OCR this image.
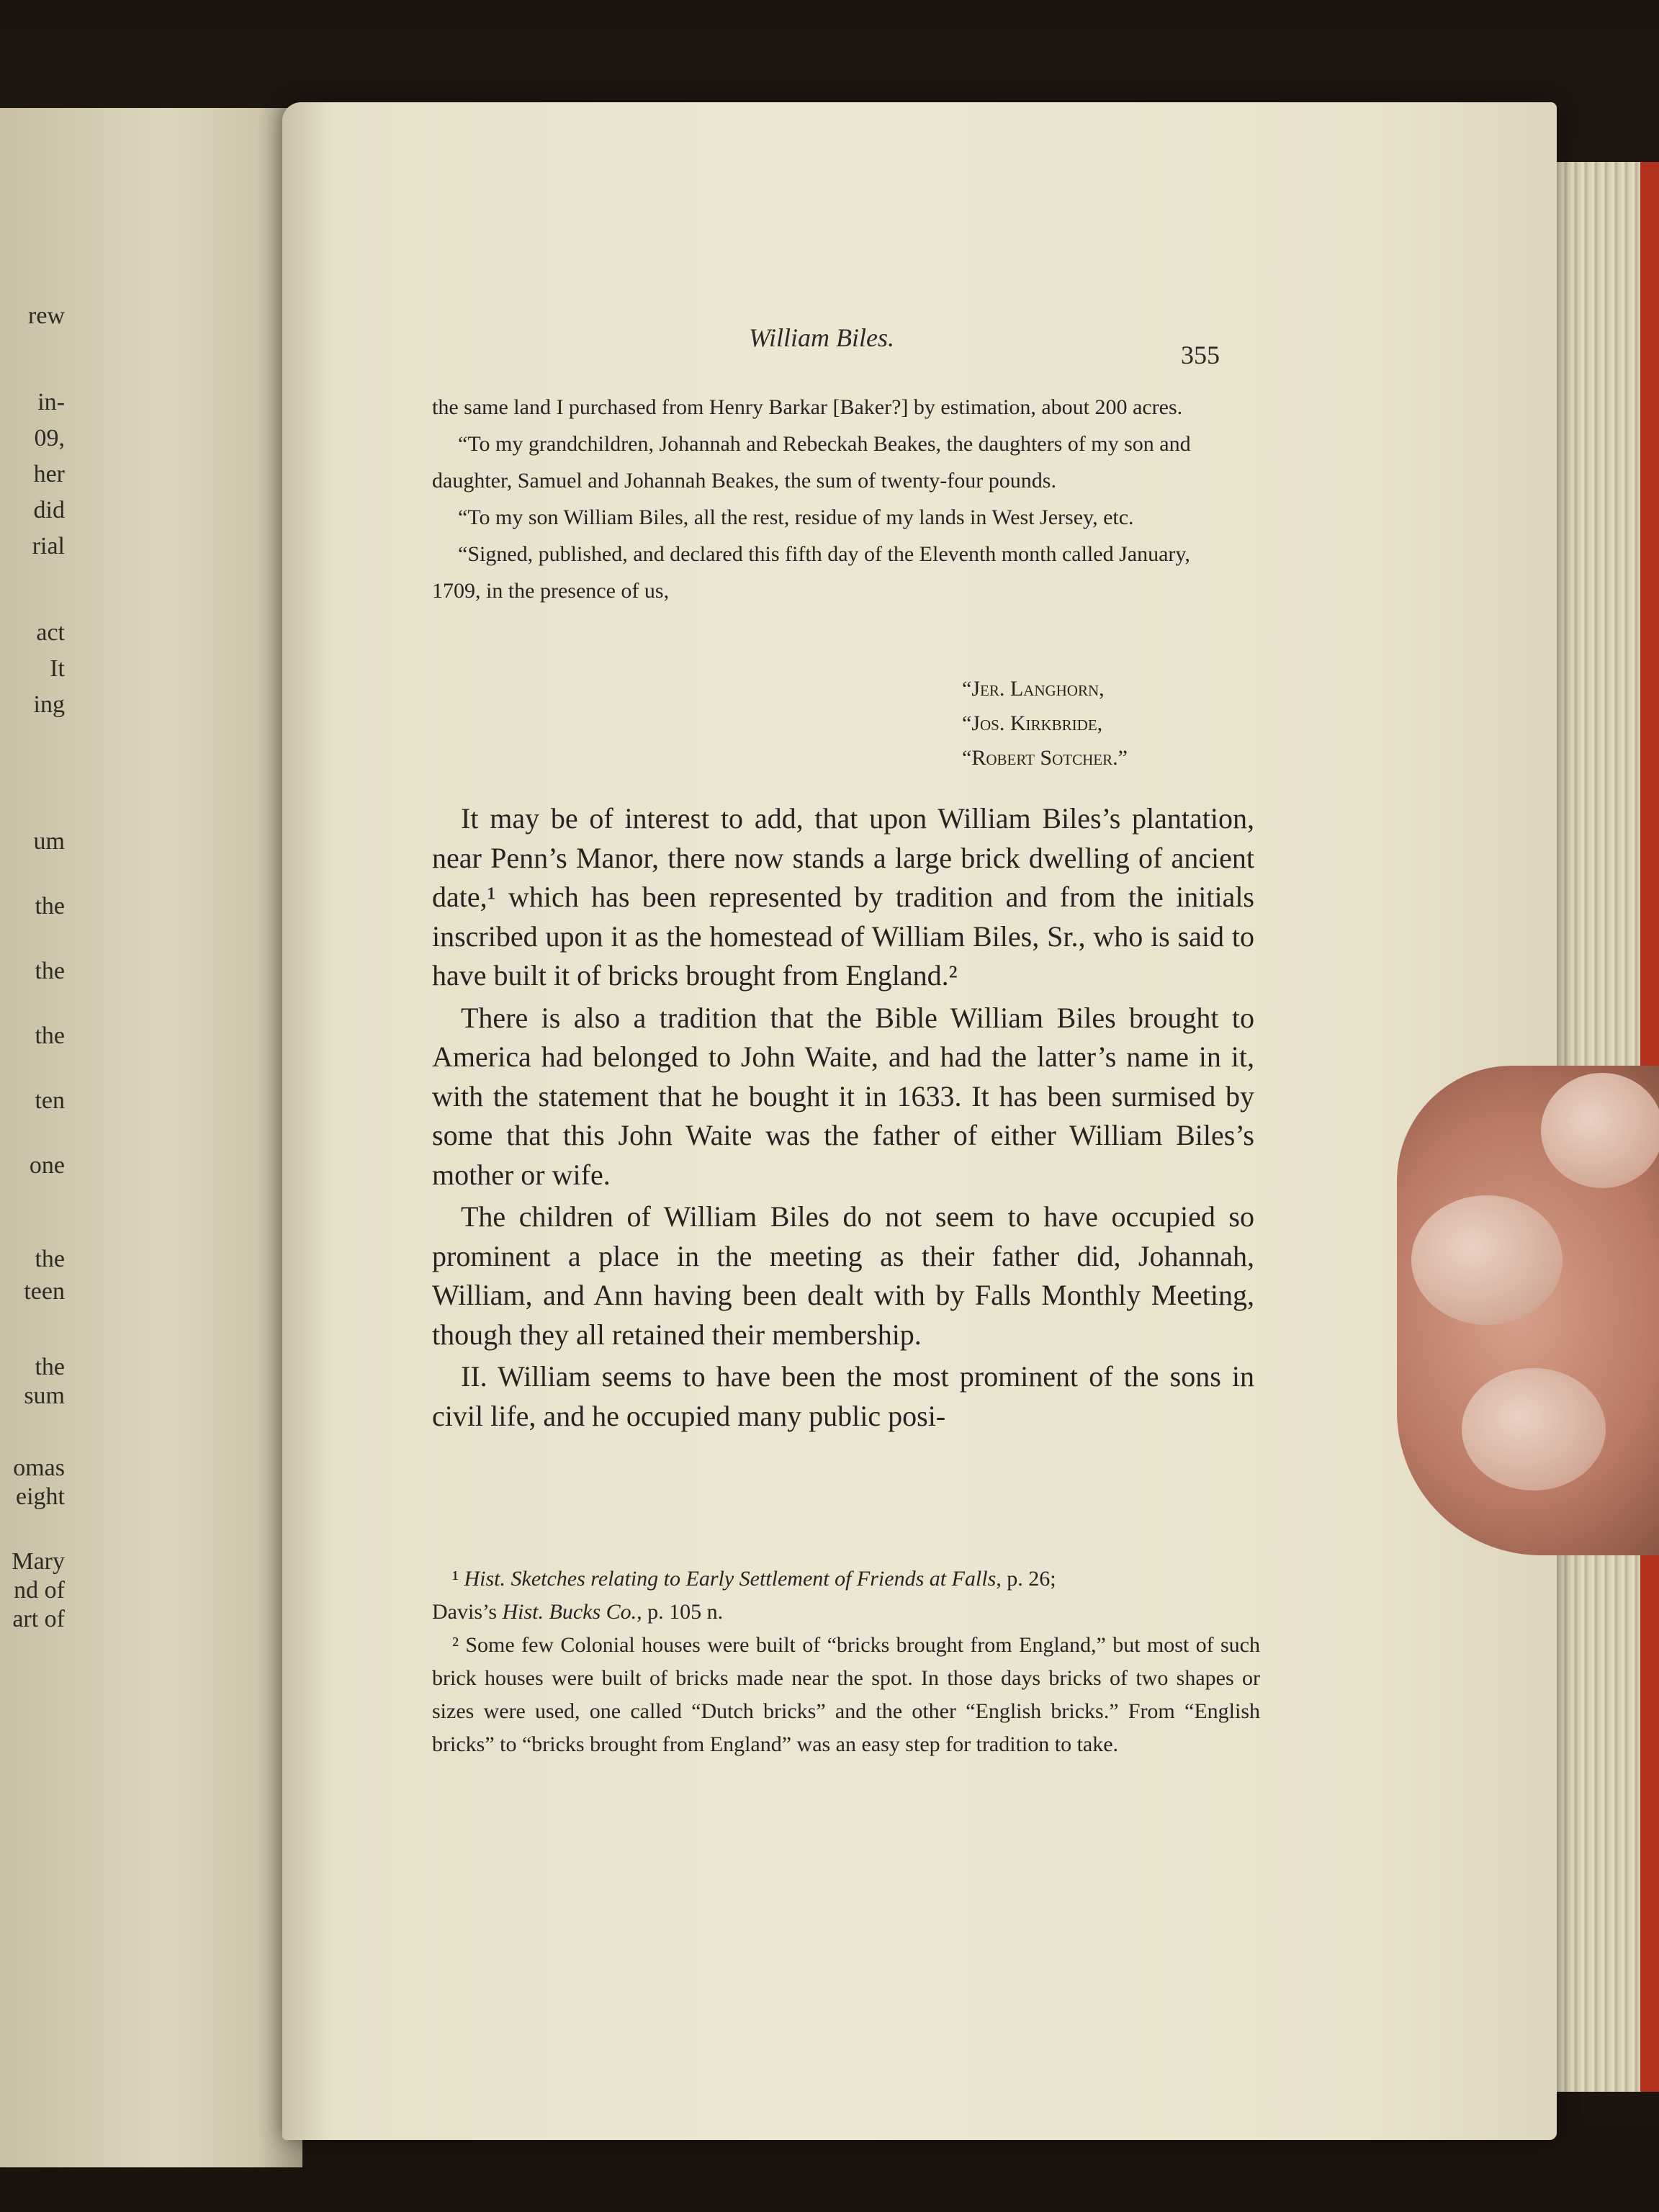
rew
in-
09,
her
did
rial
act
It
ing
um
the
the
the
ten
one
the
teen
the
sum
omas
eight
Mary
nd of
art of
William Biles.
355

the same land I purchased from Henry Barkar [Baker?] by estimation, about 200 acres.

“To my grandchildren, Johannah and Rebeckah Beakes, the daughters of my son and daughter, Samuel and Johannah Beakes, the sum of twenty-four pounds.

“To my son William Biles, all the rest, residue of my lands in West Jersey, etc.

“Signed, published, and declared this fifth day of the Eleventh month called January, 1709, in the presence of us,

“Jer. Langhorn,
“Jos. Kirkbride,
“Robert Sotcher.”

It may be of interest to add, that upon William Biles’s plantation, near Penn’s Manor, there now stands a large brick dwelling of ancient date,¹ which has been represented by tradition and from the initials inscribed upon it as the homestead of William Biles, Sr., who is said to have built it of bricks brought from England.²

There is also a tradition that the Bible William Biles brought to America had belonged to John Waite, and had the latter’s name in it, with the statement that he bought it in 1633. It has been surmised by some that this John Waite was the father of either William Biles’s mother or wife.

The children of William Biles do not seem to have occupied so prominent a place in the meeting as their father did, Johannah, William, and Ann having been dealt with by Falls Monthly Meeting, though they all retained their membership.

II. William seems to have been the most prominent of the sons in civil life, and he occupied many public posi-

¹ Hist. Sketches relating to Early Settlement of Friends at Falls, p. 26;

Davis’s Hist. Bucks Co., p. 105 n.

² Some few Colonial houses were built of “bricks brought from England,” but most of such brick houses were built of bricks made near the spot. In those days bricks of two shapes or sizes were used, one called “Dutch bricks” and the other “English bricks.” From “English bricks” to “bricks brought from England” was an easy step for tradition to take.
